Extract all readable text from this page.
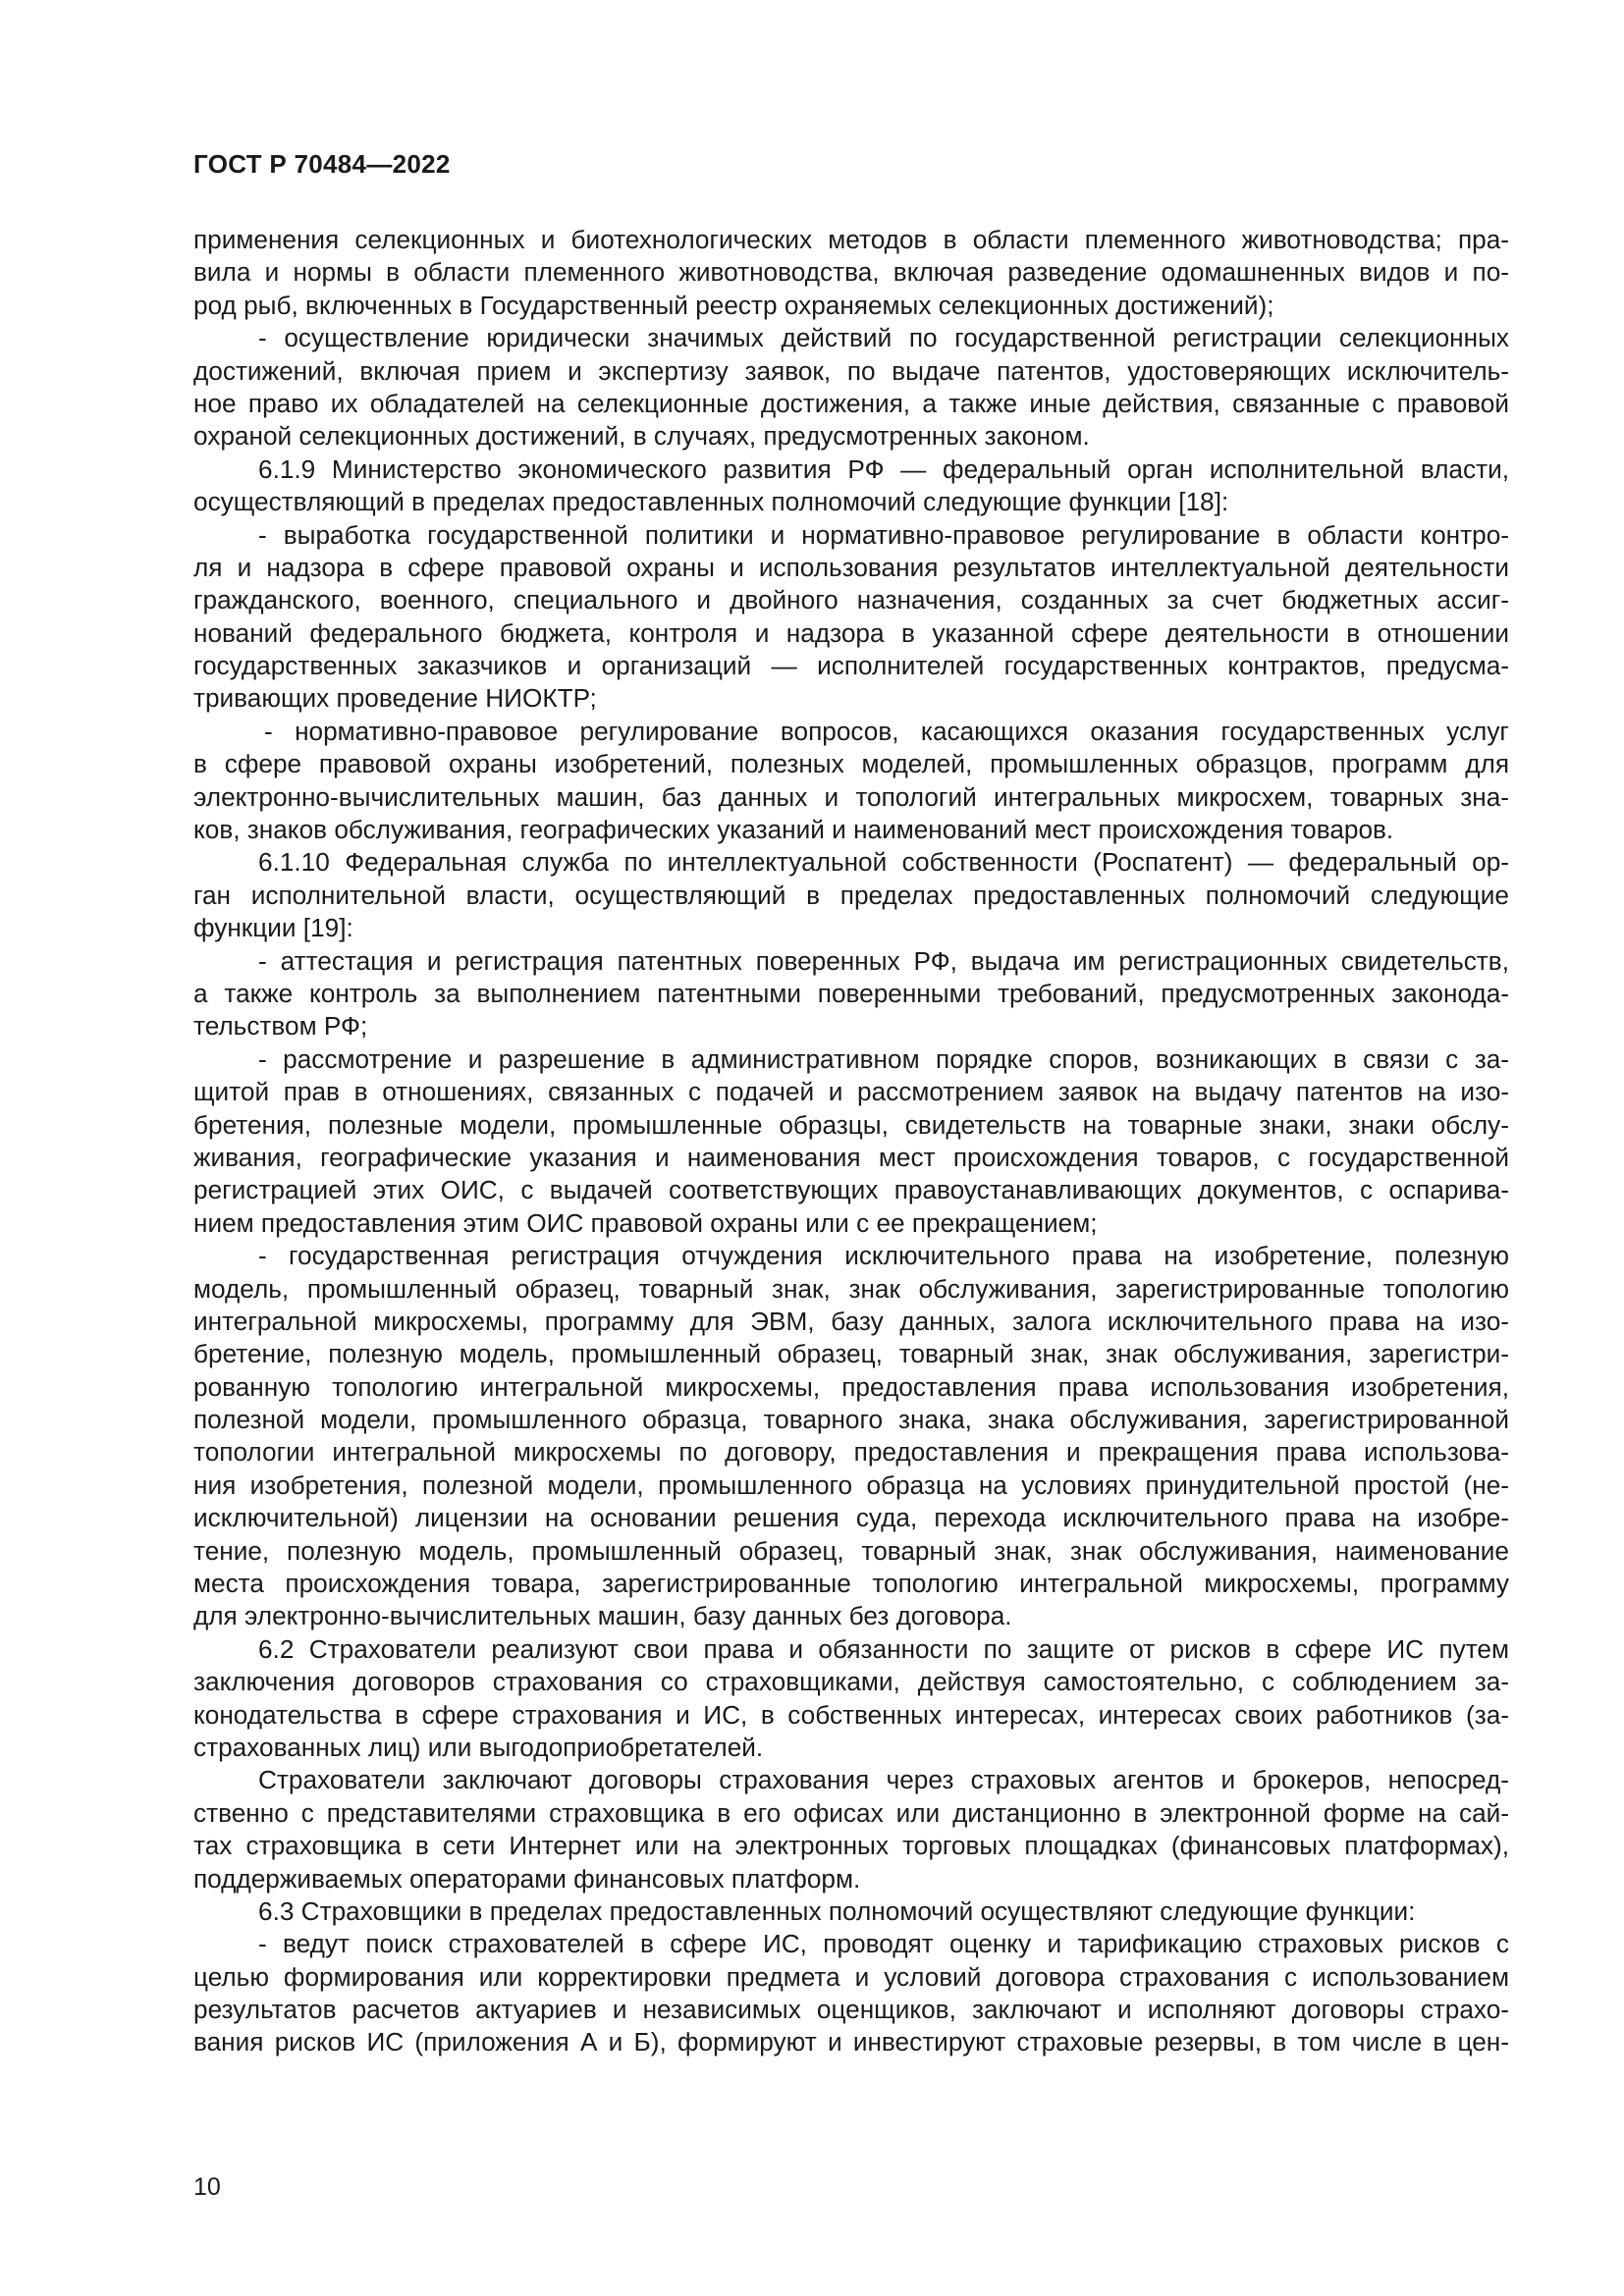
ГОСТ Р 70484—2022
применения селекционных и биотехнологических методов в области племенного животноводства; пра-
вила и нормы в области племенного животноводства, включая разведение одомашненных видов и по-
род рыб, включенных в Государственный реестр охраняемых селекционных достижений);
- осуществление юридически значимых действий по государственной регистрации селекционных
достижений, включая прием и экспертизу заявок, по выдаче патентов, удостоверяющих исключитель-
ное право их обладателей на селекционные достижения, а также иные действия, связанные с правовой
охраной селекционных достижений, в случаях, предусмотренных законом.
6.1.9 Министерство экономического развития РФ — федеральный орган исполнительной власти,
осуществляющий в пределах предоставленных полномочий следующие функции [18]:
- выработка государственной политики и нормативно-правовое регулирование в области контро-
ля и надзора в сфере правовой охраны и использования результатов интеллектуальной деятельности
гражданского, военного, специального и двойного назначения, созданных за счет бюджетных ассиг-
нований федерального бюджета, контроля и надзора в указанной сфере деятельности в отношении
государственных заказчиков и организаций — исполнителей государственных контрактов, предусма-
тривающих проведение НИОКТР;
- нормативно-правовое регулирование вопросов, касающихся оказания государственных услуг
в сфере правовой охраны изобретений, полезных моделей, промышленных образцов, программ для
электронно-вычислительных машин, баз данных и топологий интегральных микросхем, товарных зна-
ков, знаков обслуживания, географических указаний и наименований мест происхождения товаров.
6.1.10 Федеральная служба по интеллектуальной собственности (Роспатент) — федеральный ор-
ган исполнительной власти, осуществляющий в пределах предоставленных полномочий следующие
функции [19]:
- аттестация и регистрация патентных поверенных РФ, выдача им регистрационных свидетельств,
а также контроль за выполнением патентными поверенными требований, предусмотренных законода-
тельством РФ;
- рассмотрение и разрешение в административном порядке споров, возникающих в связи с за-
щитой прав в отношениях, связанных с подачей и рассмотрением заявок на выдачу патентов на изо-
бретения, полезные модели, промышленные образцы, свидетельств на товарные знаки, знаки обслу-
живания, географические указания и наименования мест происхождения товаров, с государственной
регистрацией этих ОИС, с выдачей соответствующих правоустанавливающих документов, с оспарива-
нием предоставления этим ОИС правовой охраны или с ее прекращением;
- государственная регистрация отчуждения исключительного права на изобретение, полезную
модель, промышленный образец, товарный знак, знак обслуживания, зарегистрированные топологию
интегральной микросхемы, программу для ЭВМ, базу данных, залога исключительного права на изо-
бретение, полезную модель, промышленный образец, товарный знак, знак обслуживания, зарегистри-
рованную топологию интегральной микросхемы, предоставления права использования изобретения,
полезной модели, промышленного образца, товарного знака, знака обслуживания, зарегистрированной
топологии интегральной микросхемы по договору, предоставления и прекращения права использова-
ния изобретения, полезной модели, промышленного образца на условиях принудительной простой (не-
исключительной) лицензии на основании решения суда, перехода исключительного права на изобре-
тение, полезную модель, промышленный образец, товарный знак, знак обслуживания, наименование
места происхождения товара, зарегистрированные топологию интегральной микросхемы, программу
для электронно-вычислительных машин, базу данных без договора.
6.2 Страхователи реализуют свои права и обязанности по защите от рисков в сфере ИС путем
заключения договоров страхования со страховщиками, действуя самостоятельно, с соблюдением за-
конодательства в сфере страхования и ИС, в собственных интересах, интересах своих работников (за-
страхованных лиц) или выгодоприобретателей.
Страхователи заключают договоры страхования через страховых агентов и брокеров, непосред-
ственно с представителями страховщика в его офисах или дистанционно в электронной форме на сай-
тах страховщика в сети Интернет или на электронных торговых площадках (финансовых платформах),
поддерживаемых операторами финансовых платформ.
6.3 Страховщики в пределах предоставленных полномочий осуществляют следующие функции:
- ведут поиск страхователей в сфере ИС, проводят оценку и тарификацию страховых рисков с
целью формирования или корректировки предмета и условий договора страхования с использованием
результатов расчетов актуариев и независимых оценщиков, заключают и исполняют договоры страхо-
вания рисков ИС (приложения А и Б), формируют и инвестируют страховые резервы, в том числе в цен-
10
